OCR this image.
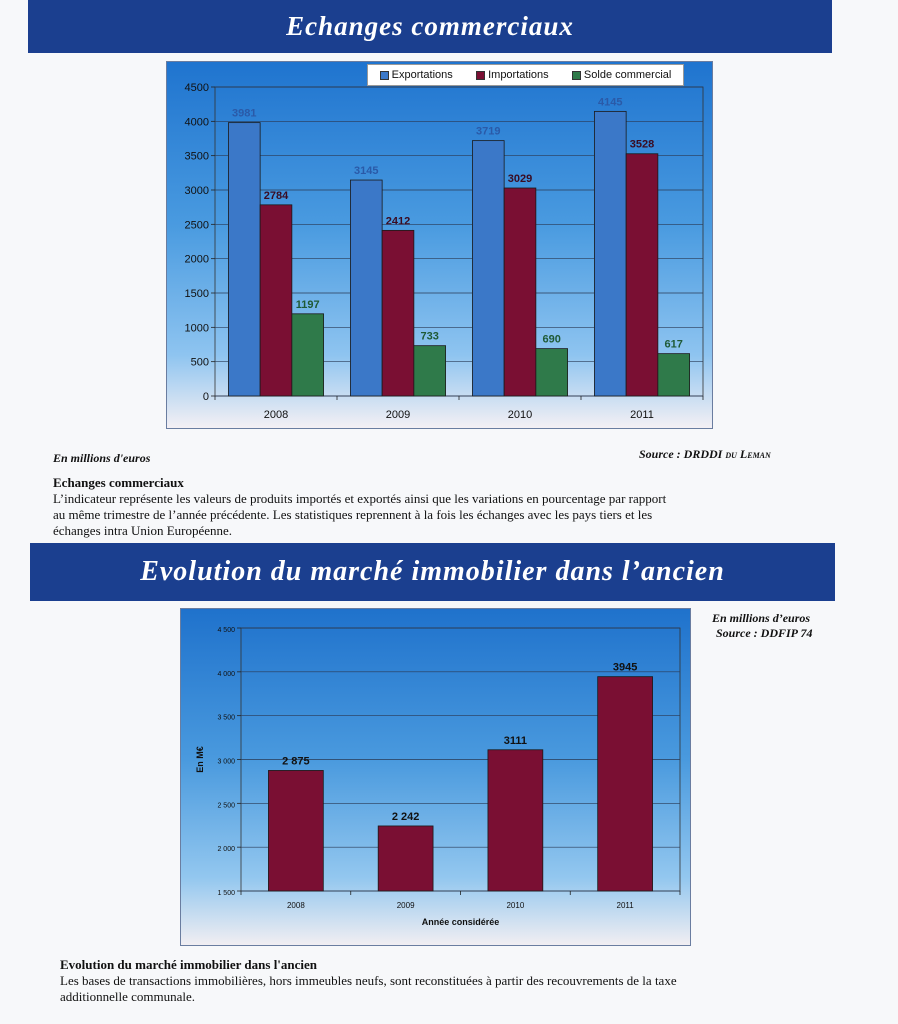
Echanges commerciaux
0
500
1000
1500
2000
2500
3000
3500
4000
4500
2008
3981
2784
1197
2009
3145
2412
733
2010
3719
3029
690
2011
4145
3528
617
Exportations	Importations	Solde commercial
En millions d'euros	Source : DRDDI du Leman
Echanges commerciaux
L’indicateur représente les valeurs de produits importés et exportés ainsi que les variations en pourcentage par rapport
au même trimestre de l’année précédente. Les statistiques reprennent à la fois les échanges avec les pays tiers et les
échanges intra Union Européenne.
Evolution du marché immobilier dans l’ancien
1 500
2 000
2 500
3 000
3 500
4 000
4 500
2008
2 875
2009
2 242
2010
3111
2011
3945
Année considérée
En M€
En millions d’euros
Source : DDFIP 74
Evolution du marché immobilier dans l'ancien
Les bases de transactions immobilières, hors immeubles neufs, sont reconstituées à partir des recouvrements de la taxe
additionnelle communale.
